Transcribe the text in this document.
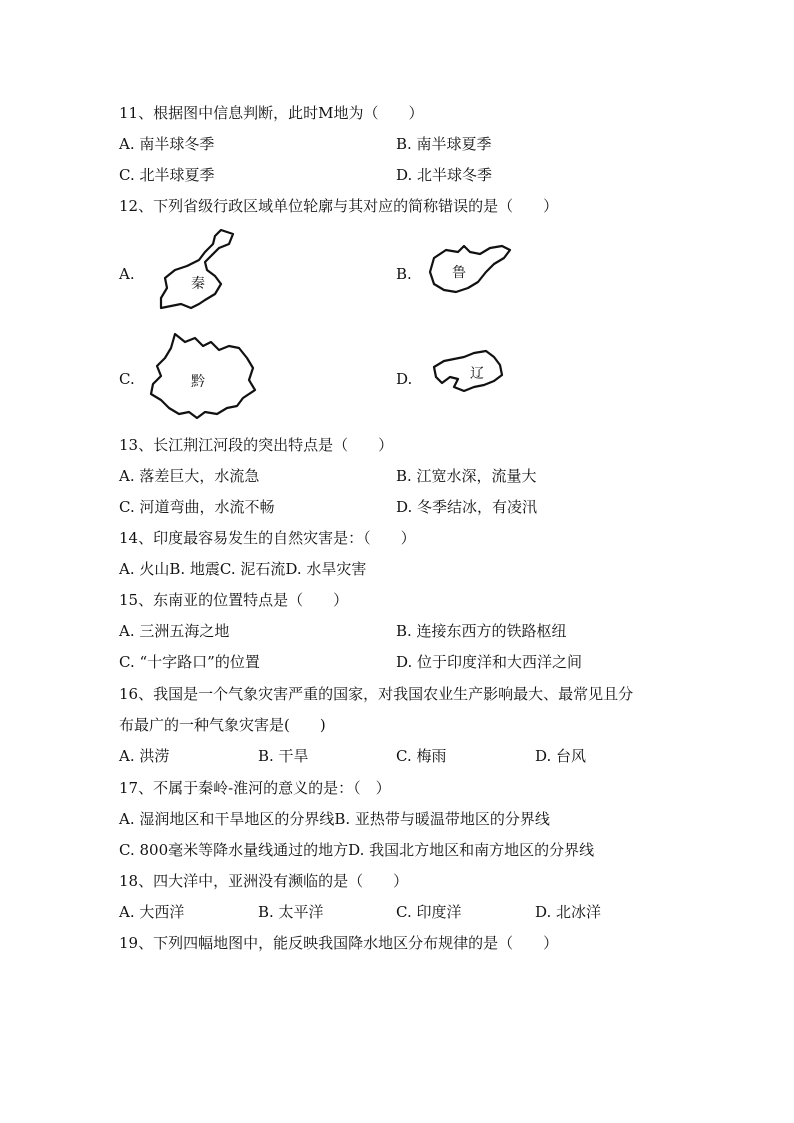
11、根据图中信息判断，此时M地为（　　）
A. 南半球冬季	B. 南半球夏季
C. 北半球夏季	D. 北半球冬季
12、下列省级行政区域单位轮廓与其对应的简称错误的是（　　）
A.
秦
B.	鲁
C.	黔	D.	辽
13、长江荆江河段的突出特点是（　　）
A. 落差巨大，水流急	B. 江宽水深，流量大
C. 河道弯曲，水流不畅	D. 冬季结冰，有凌汛
14、印度最容易发生的自然灾害是：（　　）
A. 火山B. 地震C. 泥石流D. 水旱灾害
15、东南亚的位置特点是（　　）
A. 三洲五海之地	B. 连接东西方的铁路枢纽
C. “十字路口”的位置	D. 位于印度洋和大西洋之间
16、我国是一个气象灾害严重的国家，对我国农业生产影响最大、最常见且分
布最广的一种气象灾害是(　　)
A. 洪涝	B. 干旱	C. 梅雨	D. 台风
17、不属于秦岭-淮河的意义的是：（　）
A. 湿润地区和干旱地区的分界线B. 亚热带与暖温带地区的分界线
C. 800毫米等降水量线通过的地方D. 我国北方地区和南方地区的分界线
18、四大洋中，亚洲没有濒临的是（　　）
A. 大西洋	B. 太平洋	C. 印度洋	D. 北冰洋
19、下列四幅地图中，能反映我国降水地区分布规律的是（　　）
